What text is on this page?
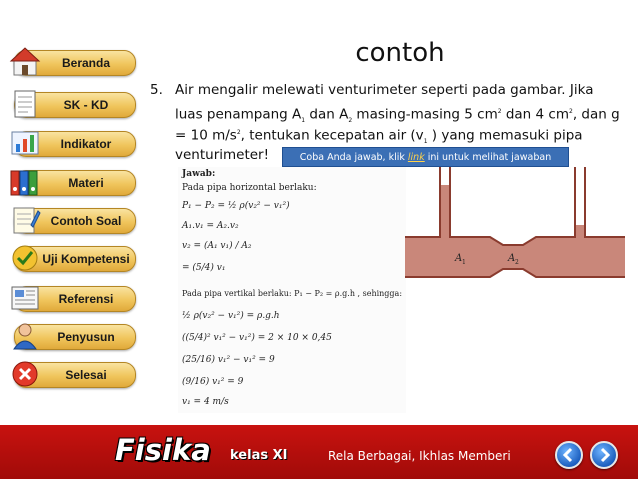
Beranda
SK - KD
Indikator
Materi
Contoh Soal
Uji Kompetensi
Referensi
Penyusun
Selesai
contoh
5. Air mengalir melewati venturimeter seperti pada gambar. Jika
luas penampang $A_1$ dan $A_2$ masing-masing 5 $cm^2$ dan 4 $cm^2$, dan g
= 10 $m/s^2$, tentukan kecepatan air ($v_1$ ) yang memasuki pipa
venturimeter!	Coba Anda jawab, klik link ini untuk melihat jawaban
Jawab:
Pada pipa horizontal berlaku:
P₁ − P₂ = ½ ρ(v₂² − v₁²)
A₁.v₁ = A₂.v₂
v₂ = (A₁ v₁) / A₂
= (5/4) v₁
Pada pipa vertikal berlaku: P₁ − P₂ = ρ.g.h , sehingga:
½ ρ(v₂² − v₁²) = ρ.g.h
((5/4)² v₁² − v₁²) = 2 × 10 × 0,45
(25/16) v₁² − v₁² = 9
(9/16) v₁² = 9
v₁ = 4 m/s
A 1	A 2
Fisika kelas XI	Rela Berbagai, Ikhlas Memberi
